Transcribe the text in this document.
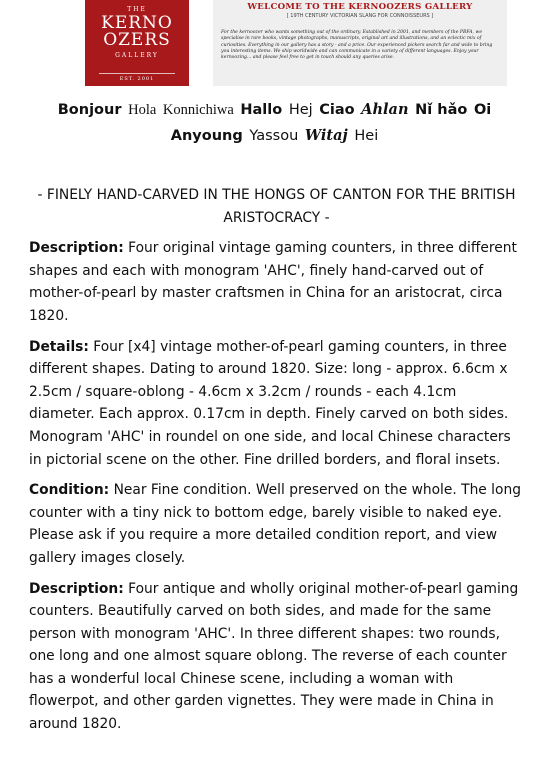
THE
KERNO
OZERS
GALLERY
EST. 2001
WELCOME TO THE KERNOOZERS GALLERY
[ 19TH CENTURY VICTORIAN SLANG FOR CONNOISSEURS ]
For the kernoozer who wants something out of the ordinary. Established in 2001, and members of the PBFA, we specialise in rare books, vintage photographs, manuscripts, original art and illustrations, and an eclectic mix of curiosities. Everything in our gallery has a story - and a price. Our experienced pickers search far and wide to bring you interesting items. We ship worldwide and can communicate in a variety of different languages. Enjoy your kernoozing... and please feel free to get in touch should any queries arise.
Bonjour Hola Konnichiwa Hallo Hej Ciao Ahlan Nǐ hǎo Oi
Anyoung Yassou Witaj Hei
- FINELY HAND-CARVED IN THE HONGS OF CANTON FOR THE BRITISH ARISTOCRACY -
Description: Four original vintage gaming counters, in three different shapes and each with monogram 'AHC', finely hand-carved out of mother-of-pearl by master craftsmen in China for an aristocrat, circa 1820.
Details: Four [x4] vintage mother-of-pearl gaming counters, in three different shapes. Dating to around 1820. Size: long - approx. 6.6cm x 2.5cm / square-oblong - 4.6cm x 3.2cm / rounds - each 4.1cm diameter. Each approx. 0.17cm in depth. Finely carved on both sides. Monogram 'AHC' in roundel on one side, and local Chinese characters in pictorial scene on the other. Fine drilled borders, and floral insets.
Condition: Near Fine condition. Well preserved on the whole. The long counter with a tiny nick to bottom edge, barely visible to naked eye. Please ask if you require a more detailed condition report, and view gallery images closely.
Description: Four antique and wholly original mother-of-pearl gaming counters. Beautifully carved on both sides, and made for the same person with monogram 'AHC'. In three different shapes: two rounds, one long and one almost square oblong. The reverse of each counter has a wonderful local Chinese scene, including a woman with flowerpot, and other garden vignettes. They were made in China in around 1820.
